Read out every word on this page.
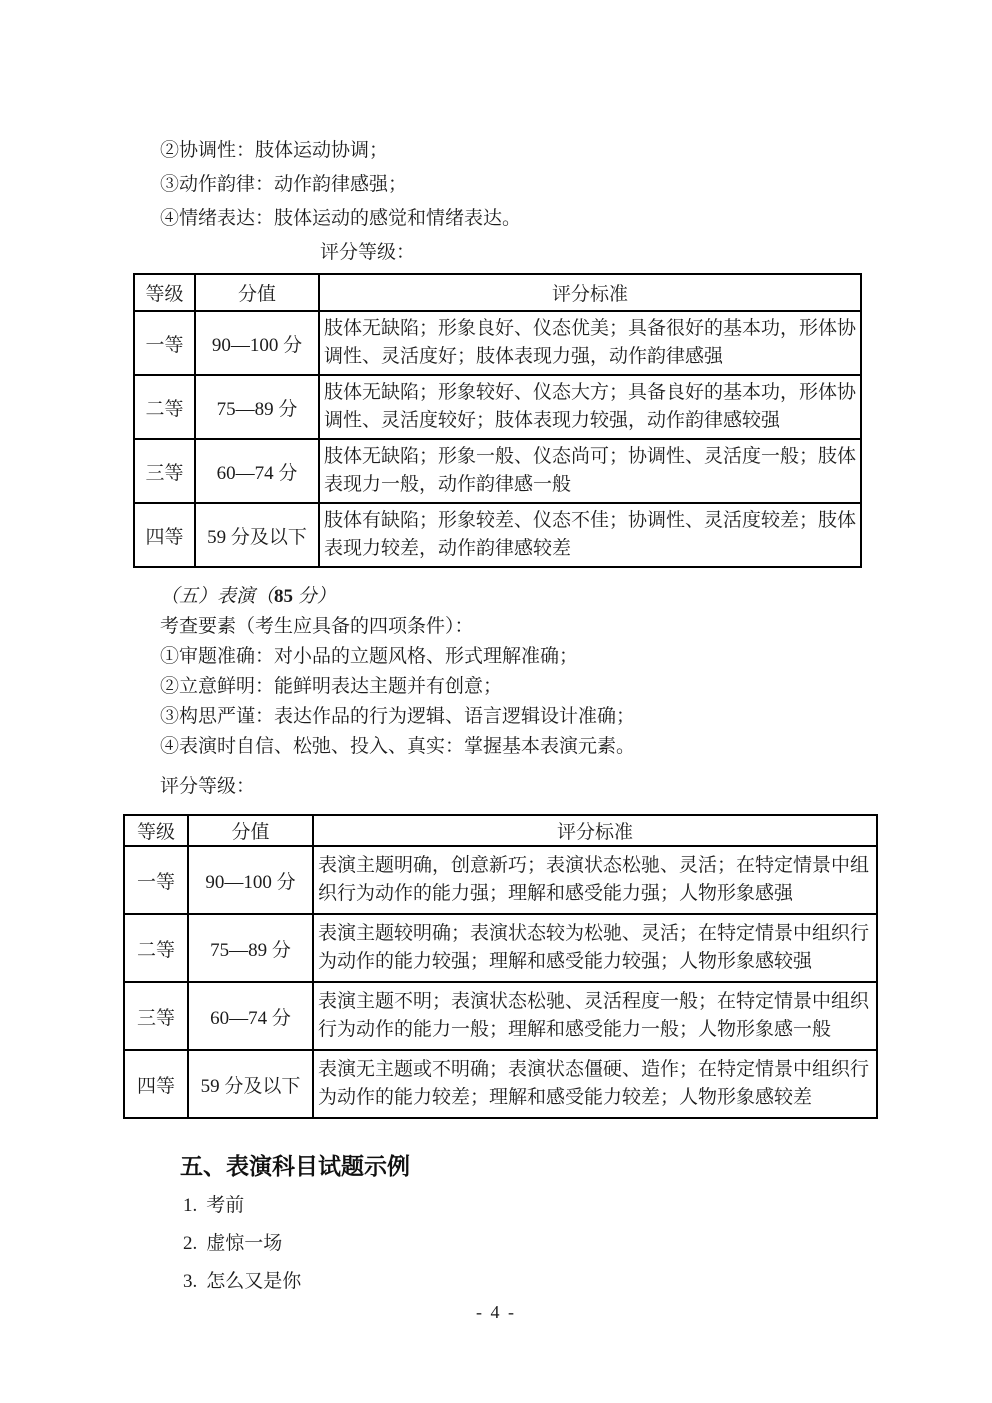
②协调性：肢体运动协调；
③动作韵律：动作韵律感强；
④情绪表达：肢体运动的感觉和情绪表达。
评分等级：
等级	分值	评分标准
一等	90—100 分	肢体无缺陷；形象良好、仪态优美；具备很好的基本功，形体协调性、灵活度好；肢体表现力强，动作韵律感强
二等	75—89 分	肢体无缺陷；形象较好、仪态大方；具备良好的基本功，形体协调性、灵活度较好；肢体表现力较强，动作韵律感较强
三等	60—74 分	肢体无缺陷；形象一般、仪态尚可；协调性、灵活度一般；肢体表现力一般，动作韵律感一般
四等	59 分及以下	肢体有缺陷；形象较差、仪态不佳；协调性、灵活度较差；肢体表现力较差，动作韵律感较差
（五）表演（85 分）
考查要素（考生应具备的四项条件）：
①审题准确：对小品的立题风格、形式理解准确；
②立意鲜明：能鲜明表达主题并有创意；
③构思严谨：表达作品的行为逻辑、语言逻辑设计准确；
④表演时自信、松弛、投入、真实：掌握基本表演元素。
评分等级：
等级	分值	评分标准
一等	90—100 分	表演主题明确，创意新巧；表演状态松驰、灵活；在特定情景中组织行为动作的能力强；理解和感受能力强；人物形象感强
二等	75—89 分	表演主题较明确；表演状态较为松驰、灵活；在特定情景中组织行为动作的能力较强；理解和感受能力较强；人物形象感较强
三等	60—74 分	表演主题不明；表演状态松驰、灵活程度一般；在特定情景中组织行为动作的能力一般；理解和感受能力一般；人物形象感一般
四等	59 分及以下	表演无主题或不明确；表演状态僵硬、造作；在特定情景中组织行为动作的能力较差；理解和感受能力较差；人物形象感较差
五、表演科目试题示例
1. 考前
2. 虚惊一场
3. 怎么又是你
- 4 -
